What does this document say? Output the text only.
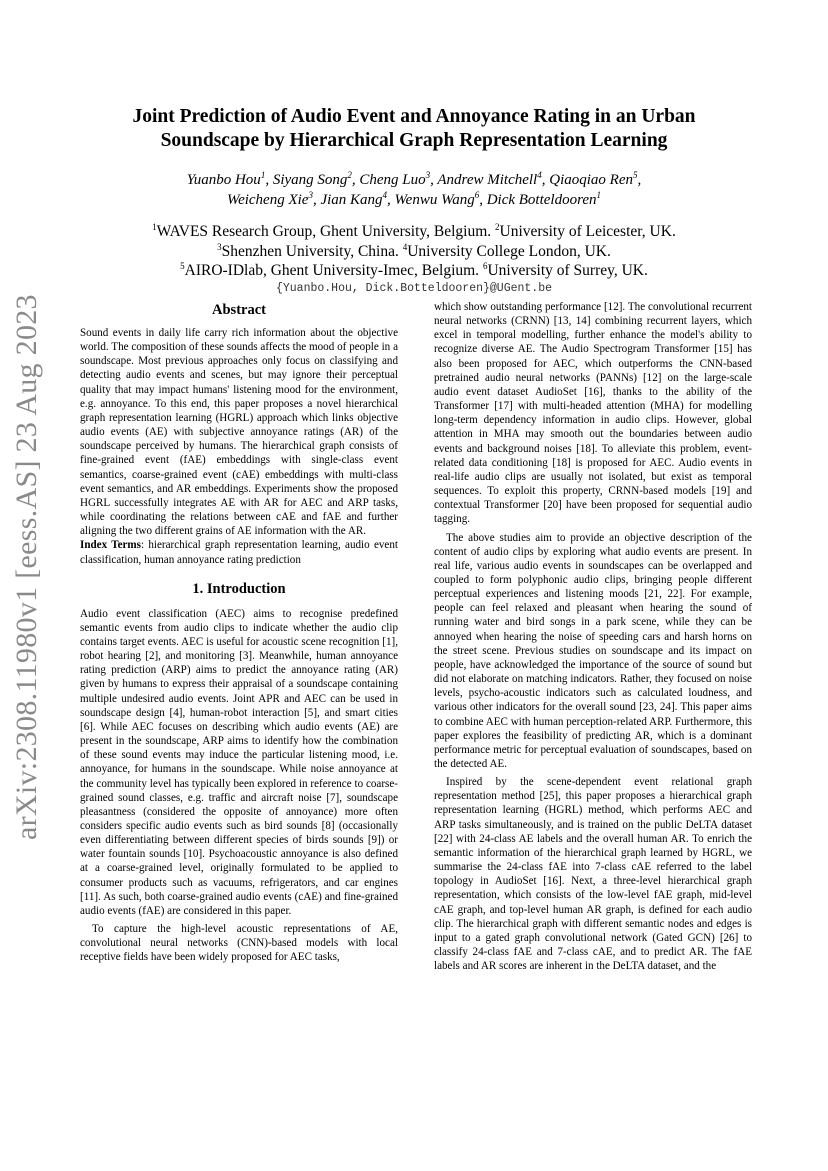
arXiv:2308.11980v1 [eess.AS] 23 Aug 2023
Joint Prediction of Audio Event and Annoyance Rating in an Urban
Soundscape by Hierarchical Graph Representation Learning
Yuanbo Hou$^1$, Siyang Song$^2$, Cheng Luo$^3$, Andrew Mitchell$^4$, Qiaoqiao Ren$^5$,
Weicheng Xie$^3$, Jian Kang$^4$, Wenwu Wang$^6$, Dick Botteldooren$^1$
$^1$WAVES Research Group, Ghent University, Belgium. $^2$University of Leicester, UK.
$^3$Shenzhen University, China. $^4$University College London, UK.
$^5$AIRO-IDlab, Ghent University-Imec, Belgium. $^6$University of Surrey, UK.
{Yuanbo.Hou, Dick.Botteldooren}@UGent.be
Abstract

Sound events in daily life carry rich information about the objective world. The composition of these sounds affects the mood of people in a soundscape. Most previous approaches only focus on classifying and detecting audio events and scenes, but may ignore their perceptual quality that may impact humans' listening mood for the environment, e.g. annoyance. To this end, this paper proposes a novel hierarchical graph representation learning (HGRL) approach which links objective audio events (AE) with subjective annoyance ratings (AR) of the soundscape perceived by humans. The hierarchical graph consists of fine-grained event (fAE) embeddings with single-class event semantics, coarse-grained event (cAE) embeddings with multi-class event semantics, and AR embeddings. Experiments show the proposed HGRL successfully integrates AE with AR for AEC and ARP tasks, while coordinating the relations between cAE and fAE and further aligning the two different grains of AE information with the AR.

Index Terms: hierarchical graph representation learning, audio event classification, human annoyance rating prediction

1. Introduction

Audio event classification (AEC) aims to recognise predefined semantic events from audio clips to indicate whether the audio clip contains target events. AEC is useful for acoustic scene recognition [1], robot hearing [2], and monitoring [3]. Meanwhile, human annoyance rating prediction (ARP) aims to predict the annoyance rating (AR) given by humans to express their appraisal of a soundscape containing multiple undesired audio events. Joint APR and AEC can be used in soundscape design [4], human-robot interaction [5], and smart cities [6]. While AEC focuses on describing which audio events (AE) are present in the soundscape, ARP aims to identify how the combination of these sound events may induce the particular listening mood, i.e. annoyance, for humans in the soundscape. While noise annoyance at the community level has typically been explored in reference to coarse-grained sound classes, e.g. traffic and aircraft noise [7], soundscape pleasantness (considered the opposite of annoyance) more often considers specific audio events such as bird sounds [8] (occasionally even differentiating between different species of birds sounds [9]) or water fountain sounds [10]. Psychoacoustic annoyance is also defined at a coarse-grained level, originally formulated to be applied to consumer products such as vacuums, refrigerators, and car engines [11]. As such, both coarse-grained audio events (cAE) and fine-grained audio events (fAE) are considered in this paper.

To capture the high-level acoustic representations of AE, convolutional neural networks (CNN)-based models with local receptive fields have been widely proposed for AEC tasks,

which show outstanding performance [12]. The convolutional recurrent neural networks (CRNN) [13, 14] combining recurrent layers, which excel in temporal modelling, further enhance the model's ability to recognize diverse AE. The Audio Spectrogram Transformer [15] has also been proposed for AEC, which outperforms the CNN-based pretrained audio neural networks (PANNs) [12] on the large-scale audio event dataset AudioSet [16], thanks to the ability of the Transformer [17] with multi-headed attention (MHA) for modelling long-term dependency information in audio clips. However, global attention in MHA may smooth out the boundaries between audio events and background noises [18]. To alleviate this problem, event-related data conditioning [18] is proposed for AEC. Audio events in real-life audio clips are usually not isolated, but exist as temporal sequences. To exploit this property, CRNN-based models [19] and contextual Transformer [20] have been proposed for sequential audio tagging.

The above studies aim to provide an objective description of the content of audio clips by exploring what audio events are present. In real life, various audio events in soundscapes can be overlapped and coupled to form polyphonic audio clips, bringing people different perceptual experiences and listening moods [21, 22]. For example, people can feel relaxed and pleasant when hearing the sound of running water and bird songs in a park scene, while they can be annoyed when hearing the noise of speeding cars and harsh horns on the street scene. Previous studies on soundscape and its impact on people, have acknowledged the importance of the source of sound but did not elaborate on matching indicators. Rather, they focused on noise levels, psycho-acoustic indicators such as calculated loudness, and various other indicators for the overall sound [23, 24]. This paper aims to combine AEC with human perception-related ARP. Furthermore, this paper explores the feasibility of predicting AR, which is a dominant performance metric for perceptual evaluation of soundscapes, based on the detected AE.

Inspired by the scene-dependent event relational graph representation method [25], this paper proposes a hierarchical graph representation learning (HGRL) method, which performs AEC and ARP tasks simultaneously, and is trained on the public DeLTA dataset [22] with 24-class AE labels and the overall human AR. To enrich the semantic information of the hierarchical graph learned by HGRL, we summarise the 24-class fAE into 7-class cAE referred to the label topology in AudioSet [16]. Next, a three-level hierarchical graph representation, which consists of the low-level fAE graph, mid-level cAE graph, and top-level human AR graph, is defined for each audio clip. The hierarchical graph with different semantic nodes and edges is input to a gated graph convolutional network (Gated GCN) [26] to classify 24-class fAE and 7-class cAE, and to predict AR. The fAE labels and AR scores are inherent in the DeLTA dataset, and the
